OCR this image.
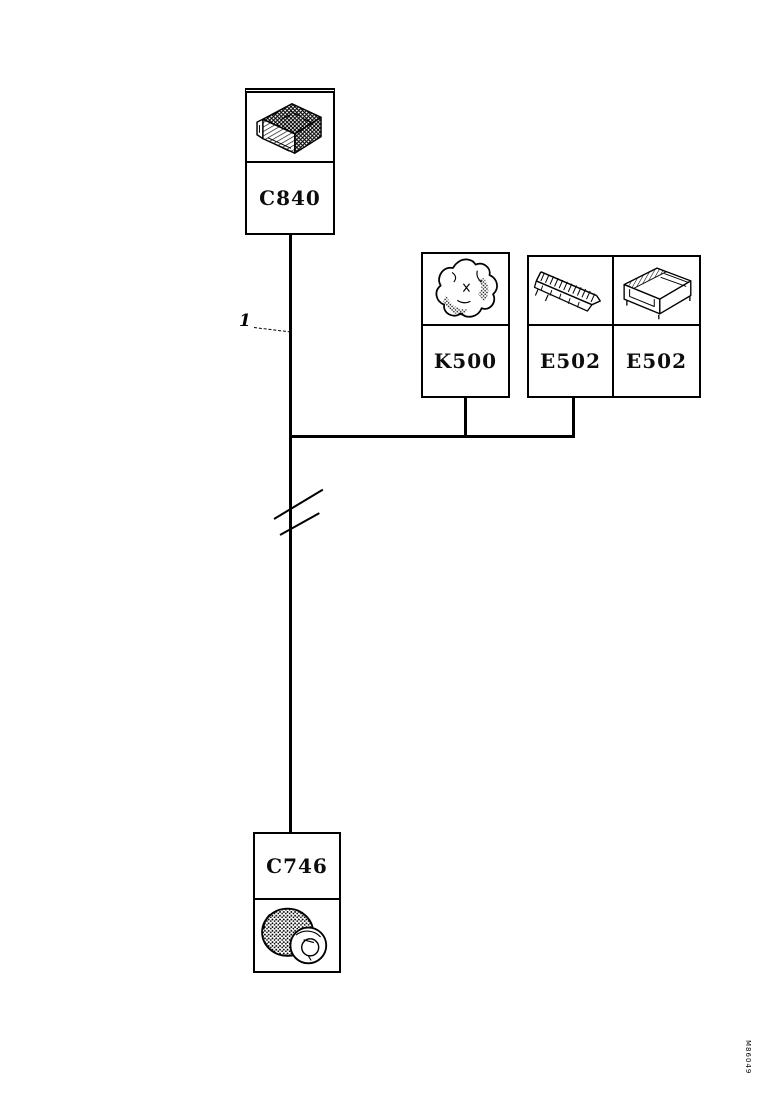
C840
K500	E502	E502
C746
1
M86049
